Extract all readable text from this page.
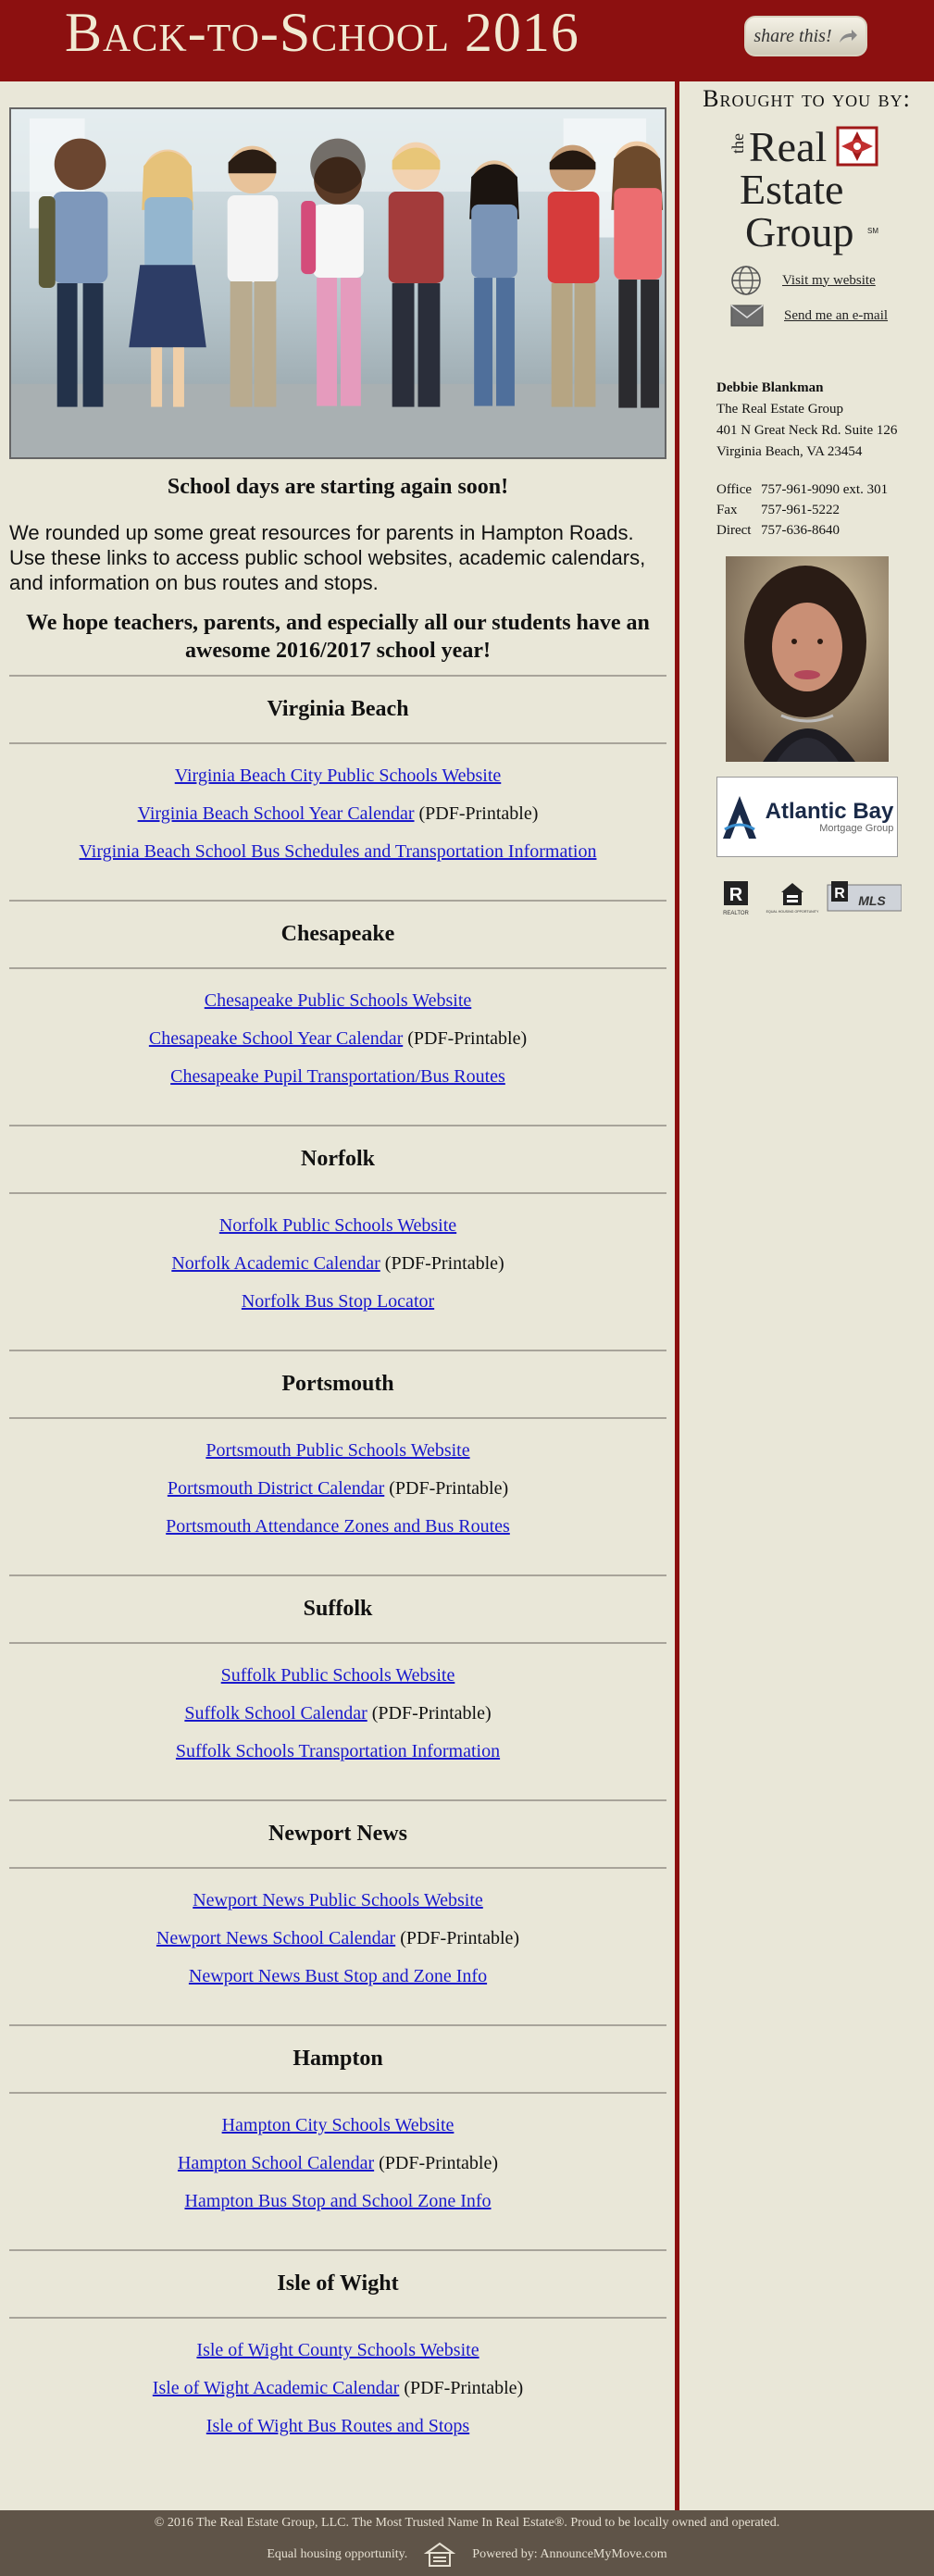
Back-to-School 2016	share this!
School days are starting again soon!
We rounded up some great resources for parents in Hampton Roads. Use these links to access public school websites, academic calendars, and information on bus routes and stops.
We hope teachers, parents, and especially all our students have an awesome 2016/2017 school year!
Virginia Beach
Virginia Beach City Public Schools Website
Virginia Beach School Year Calendar (PDF-Printable)
Virginia Beach School Bus Schedules and Transportation Information
Chesapeake
Chesapeake Public Schools Website
Chesapeake School Year Calendar (PDF-Printable)
Chesapeake Pupil Transportation/Bus Routes
Norfolk
Norfolk Public Schools Website
Norfolk Academic Calendar (PDF-Printable)
Norfolk Bus Stop Locator
Portsmouth
Portsmouth Public Schools Website
Portsmouth District Calendar (PDF-Printable)
Portsmouth Attendance Zones and Bus Routes
Suffolk
Suffolk Public Schools Website
Suffolk School Calendar (PDF-Printable)
Suffolk Schools Transportation Information
Newport News
Newport News Public Schools Website
Newport News School Calendar (PDF-Printable)
Newport News Bust Stop and Zone Info
Hampton
Hampton City Schools Website
Hampton School Calendar (PDF-Printable)
Hampton Bus Stop and School Zone Info
Isle of Wight
Isle of Wight County Schools Website
Isle of Wight Academic Calendar (PDF-Printable)
Isle of Wight Bus Routes and Stops
Brought to you by:
the Real
Estate
Group SM
Visit my website
Send me an e-mail
Debbie Blankman
The Real Estate Group
401 N Great Neck Rd. Suite 126
Virginia Beach, VA 23454
Office 757-961-9090 ext. 301
Fax 757-961-5222
Direct 757-636-8640
Atlantic Bay
Mortgage Group
R
REALTOR	EQUAL HOUSING OPPORTUNITY
R MLS
© 2016 The Real Estate Group, LLC. The Most Trusted Name In Real Estate®. Proud to be locally owned and operated.
Equal housing opportunity.	Powered by: AnnounceMyMove.com
